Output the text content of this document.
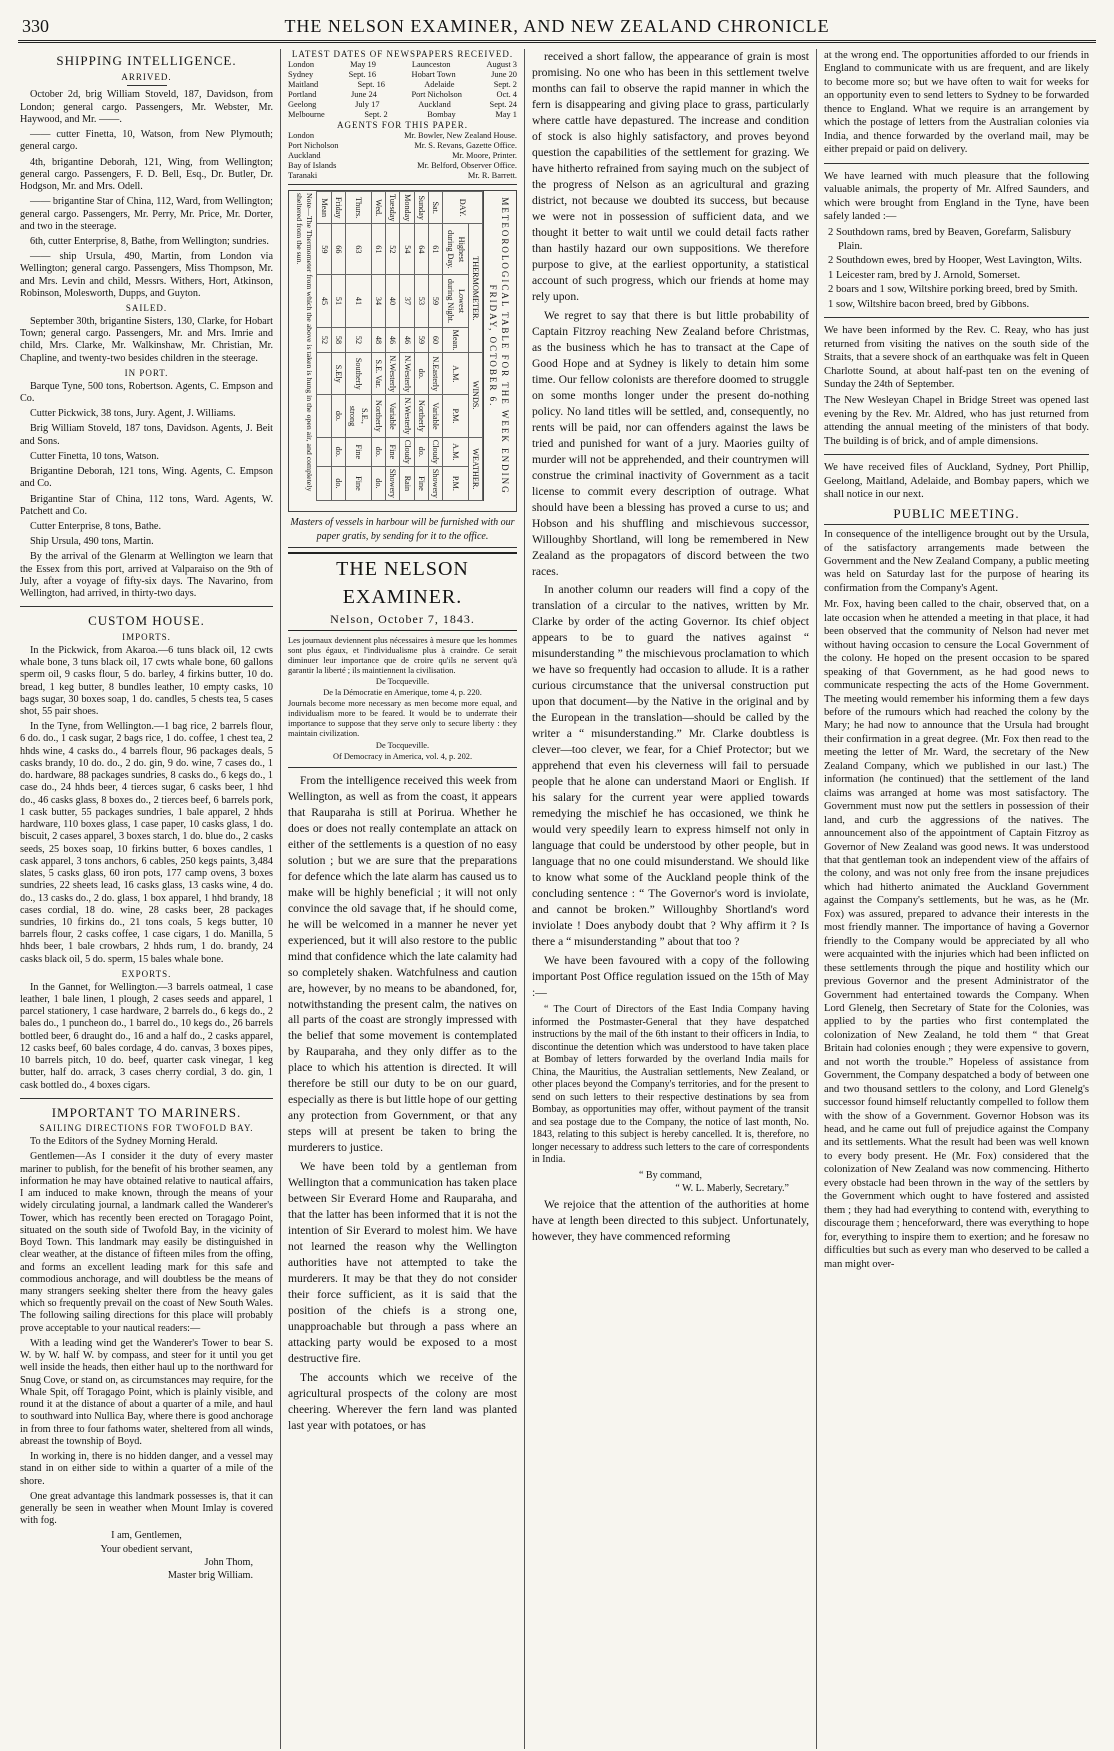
330	THE NELSON EXAMINER, AND NEW ZEALAND CHRONICLE
SHIPPING INTELLIGENCE.
ARRIVED.

October 2d, brig William Stoveld, 187, Davidson, from London; general cargo. Passengers, Mr. Webster, Mr. Haywood, and Mr. ——.

—— cutter Finetta, 10, Watson, from New Plymouth; general cargo.

4th, brigantine Deborah, 121, Wing, from Wellington; general cargo. Passengers, F. D. Bell, Esq., Dr. Butler, Dr. Hodgson, Mr. and Mrs. Odell.

—— brigantine Star of China, 112, Ward, from Wellington; general cargo. Passengers, Mr. Perry, Mr. Price, Mr. Dorter, and two in the steerage.

6th, cutter Enterprise, 8, Bathe, from Wellington; sundries.

—— ship Ursula, 490, Martin, from London via Wellington; general cargo. Passengers, Miss Thompson, Mr. and Mrs. Levin and child, Messrs. Withers, Hort, Atkinson, Robinson, Molesworth, Dupps, and Guyton.

SAILED.

September 30th, brigantine Sisters, 130, Clarke, for Hobart Town; general cargo. Passengers, Mr. and Mrs. Imrie and child, Mrs. Clarke, Mr. Walkinshaw, Mr. Christian, Mr. Chapline, and twenty-two besides children in the steerage.

IN PORT.

Barque Tyne, 500 tons, Robertson. Agents, C. Empson and Co.

Cutter Pickwick, 38 tons, Jury. Agent, J. Williams.

Brig William Stoveld, 187 tons, Davidson. Agents, J. Beit and Sons.

Cutter Finetta, 10 tons, Watson.

Brigantine Deborah, 121 tons, Wing. Agents, C. Empson and Co.

Brigantine Star of China, 112 tons, Ward. Agents, W. Patchett and Co.

Cutter Enterprise, 8 tons, Bathe.

Ship Ursula, 490 tons, Martin.

By the arrival of the Glenarm at Wellington we learn that the Essex from this port, arrived at Valparaiso on the 9th of July, after a voyage of fifty-six days. The Navarino, from Wellington, had arrived, in thirty-two days.

CUSTOM HOUSE.
IMPORTS.

In the Pickwick, from Akaroa.—6 tuns black oil, 12 cwts whale bone, 3 tuns black oil, 17 cwts whale bone, 60 gallons sperm oil, 9 casks flour, 5 do. barley, 4 firkins butter, 10 do. bread, 1 keg butter, 8 bundles leather, 10 empty casks, 10 bags sugar, 30 boxes soap, 1 do. candles, 5 chests tea, 5 cases shot, 55 pair shoes.

In the Tyne, from Wellington.—1 bag rice, 2 barrels flour, 6 do. do., 1 cask sugar, 2 bags rice, 1 do. coffee, 1 chest tea, 2 hhds wine, 4 casks do., 4 barrels flour, 96 packages deals, 5 casks brandy, 10 do. do., 2 do. gin, 9 do. wine, 7 cases do., 1 do. hardware, 88 packages sundries, 8 casks do., 6 kegs do., 1 case do., 24 hhds beer, 4 tierces sugar, 6 casks beer, 1 hhd do., 46 casks glass, 8 boxes do., 2 tierces beef, 6 barrels pork, 1 cask butter, 55 packages sundries, 1 bale apparel, 2 hhds hardware, 110 boxes glass, 1 case paper, 10 casks glass, 1 do. biscuit, 2 cases apparel, 3 boxes starch, 1 do. blue do., 2 casks seeds, 25 boxes soap, 10 firkins butter, 6 boxes candles, 1 cask apparel, 3 tons anchors, 6 cables, 250 kegs paints, 3,484 slates, 5 casks glass, 60 iron pots, 177 camp ovens, 3 boxes sundries, 22 sheets lead, 16 casks glass, 13 casks wine, 4 do. do., 13 casks do., 2 do. glass, 1 box apparel, 1 hhd brandy, 18 cases cordial, 18 do. wine, 28 casks beer, 28 packages sundries, 10 firkins do., 21 tons coals, 5 kegs butter, 10 barrels flour, 2 casks coffee, 1 case cigars, 1 do. Manilla, 5 hhds beer, 1 bale crowbars, 2 hhds rum, 1 do. brandy, 24 casks black oil, 5 do. sperm, 15 bales whale bone.

EXPORTS.

In the Gannet, for Wellington.—3 barrels oatmeal, 1 case leather, 1 bale linen, 1 plough, 2 cases seeds and apparel, 1 parcel stationery, 1 case hardware, 2 barrels do., 6 kegs do., 2 bales do., 1 puncheon do., 1 barrel do., 10 kegs do., 26 barrels bottled beer, 6 draught do., 16 and a half do., 2 casks apparel, 12 casks beef, 60 bales cordage, 4 do. canvas, 3 boxes pipes, 10 barrels pitch, 10 do. beef, quarter cask vinegar, 1 keg butter, half do. arrack, 3 cases cherry cordial, 3 do. gin, 1 cask bottled do., 4 boxes cigars.

IMPORTANT TO MARINERS.
SAILING DIRECTIONS FOR TWOFOLD BAY.

To the Editors of the Sydney Morning Herald.

Gentlemen—As I consider it the duty of every master mariner to publish, for the benefit of his brother seamen, any information he may have obtained relative to nautical affairs, I am induced to make known, through the means of your widely circulating journal, a landmark called the Wanderer's Tower, which has recently been erected on Toragago Point, situated on the south side of Twofold Bay, in the vicinity of Boyd Town. This landmark may easily be distinguished in clear weather, at the distance of fifteen miles from the offing, and forms an excellent leading mark for this safe and commodious anchorage, and will doubtless be the means of many strangers seeking shelter there from the heavy gales which so frequently prevail on the coast of New South Wales. The following sailing directions for this place will probably prove acceptable to your nautical readers:—

With a leading wind get the Wanderer's Tower to bear S. W. by W. half W. by compass, and steer for it until you get well inside the heads, then either haul up to the northward for Snug Cove, or stand on, as circumstances may require, for the Whale Spit, off Toragago Point, which is plainly visible, and round it at the distance of about a quarter of a mile, and haul to southward into Nullica Bay, where there is good anchorage in from three to four fathoms water, sheltered from all winds, abreast the township of Boyd.

In working in, there is no hidden danger, and a vessel may stand in on either side to within a quarter of a mile of the shore.

One great advantage this landmark possesses is, that it can generally be seen in weather when Mount Imlay is covered with fog.

I am, Gentlemen,
Your obedient servant,
John Thom,
Master brig William.
LATEST DATES OF NEWSPAPERS RECEIVED.
London	May 19	Launceston	August 3
Sydney	Sept. 16	Hobart Town	June 20
Maitland	Sept. 16	Adelaide	Sept. 2
Portland	June 24	Port Nicholson	Oct. 4
Geelong	July 17	Auckland	Sept. 24
Melbourne	Sept. 2	Bombay	May 1
AGENTS FOR THIS PAPER.
London	Mr. Bowler, New Zealand House.
Port Nicholson	Mr. S. Revans, Gazette Office.
Auckland	Mr. Moore, Printer.
Bay of Islands	Mr. Belford, Observer Office.
Taranaki	Mr. R. Barrett.
METEOROLOGICAL TABLE FOR THE WEEK ENDING FRIDAY, OCTOBER 6.
DAY.	THERMOMETER.			WINDS.		WEATHER.	
	Highest during Day.	Lowest during Night.	Mean.	A.M.	P.M.	A.M.	P.M.
Sat.	61	59	60	N.Easterly	Variable	Cloudy	Showery
Sunday	64	53	59	do.	Northerly	do.	Fine
Monday	54	37	46	N.Westerly	N.Westerly	Cloudy	Rain
Tuesday	52	40	46	N.Westerly	Variable	Fine	Showery
Wed.	61	34	48	S.E. Var.	Northerly	do.	do.
Thurs.	63	41	52	Southerly	S.E., strong	Fine	Fine
Friday	66	51	58	S.Ely	do.	do.	do.
Mean	59	45	52				
Note—The Thermometer from which the above is taken is hung in the open air, and completely sheltered from the sun.
Masters of vessels in harbour will be furnished with our paper gratis, by sending for it to the office.
THE NELSON EXAMINER.
Nelson, October 7, 1843.
Les journaux deviennent plus nécessaires à mesure que les hommes sont plus égaux, et l'individualisme plus à craindre. Ce serait diminuer leur importance que de croire qu'ils ne servent qu'à garantir la liberté ; ils maintiennent la civilisation.
De Tocqueville.
De la Démocratie en Amerique, tome 4, p. 220.
Journals become more necessary as men become more equal, and individualism more to be feared. It would be to underrate their importance to suppose that they serve only to secure liberty : they maintain civilization.
De Tocqueville.
Of Democracy in America, vol. 4, p. 202.

From the intelligence received this week from Wellington, as well as from the coast, it appears that Rauparaha is still at Porirua. Whether he does or does not really contemplate an attack on either of the settlements is a question of no easy solution ; but we are sure that the preparations for defence which the late alarm has caused us to make will be highly beneficial ; it will not only convince the old savage that, if he should come, he will be welcomed in a manner he never yet experienced, but it will also restore to the public mind that confidence which the late calamity had so completely shaken. Watchfulness and caution are, however, by no means to be abandoned, for, notwithstanding the present calm, the natives on all parts of the coast are strongly impressed with the belief that some movement is contemplated by Rauparaha, and they only differ as to the place to which his attention is directed. It will therefore be still our duty to be on our guard, especially as there is but little hope of our getting any protection from Government, or that any steps will at present be taken to bring the murderers to justice.

We have been told by a gentleman from Wellington that a communication has taken place between Sir Everard Home and Rauparaha, and that the latter has been informed that it is not the intention of Sir Everard to molest him. We have not learned the reason why the Wellington authorities have not attempted to take the murderers. It may be that they do not consider their force sufficient, as it is said that the position of the chiefs is a strong one, unapproachable but through a pass where an attacking party would be exposed to a most destructive fire.

The accounts which we receive of the agricultural prospects of the colony are most cheering. Wherever the fern land was planted last year with potatoes, or has

received a short fallow, the appearance of grain is most promising. No one who has been in this settlement twelve months can fail to observe the rapid manner in which the fern is disappearing and giving place to grass, particularly where cattle have depastured. The increase and condition of stock is also highly satisfactory, and proves beyond question the capabilities of the settlement for grazing. We have hitherto refrained from saying much on the subject of the progress of Nelson as an agricultural and grazing district, not because we doubted its success, but because we were not in possession of sufficient data, and we thought it better to wait until we could detail facts rather than hastily hazard our own suppositions. We therefore purpose to give, at the earliest opportunity, a statistical account of such progress, which our friends at home may rely upon.

We regret to say that there is but little probability of Captain Fitzroy reaching New Zealand before Christmas, as the business which he has to transact at the Cape of Good Hope and at Sydney is likely to detain him some time. Our fellow colonists are therefore doomed to struggle on some months longer under the present do-nothing policy. No land titles will be settled, and, consequently, no rents will be paid, nor can offenders against the laws be tried and punished for want of a jury. Maories guilty of murder will not be apprehended, and their countrymen will construe the criminal inactivity of Government as a tacit license to commit every description of outrage. What should have been a blessing has proved a curse to us; and Hobson and his shuffling and mischievous successor, Willoughby Shortland, will long be remembered in New Zealand as the propagators of discord between the two races.

In another column our readers will find a copy of the translation of a circular to the natives, written by Mr. Clarke by order of the acting Governor. Its chief object appears to be to guard the natives against “ misunderstanding ” the mischievous proclamation to which we have so frequently had occasion to allude. It is a rather curious circumstance that the universal construction put upon that document—by the Native in the original and by the European in the translation—should be called by the writer a “ misunderstanding.” Mr. Clarke doubtless is clever—too clever, we fear, for a Chief Protector; but we apprehend that even his cleverness will fail to persuade people that he alone can understand Maori or English. If his salary for the current year were applied towards remedying the mischief he has occasioned, we think he would very speedily learn to express himself not only in language that could be understood by other people, but in language that no one could misunderstand. We should like to know what some of the Auckland people think of the concluding sentence : “ The Governor's word is inviolate, and cannot be broken.” Willoughby Shortland's word inviolate ! Does anybody doubt that ? Why affirm it ? Is there a “ misunderstanding ” about that too ?

We have been favoured with a copy of the following important Post Office regulation issued on the 15th of May :—

“ The Court of Directors of the East India Company having informed the Postmaster-General that they have despatched instructions by the mail of the 6th instant to their officers in India, to discontinue the detention which was understood to have taken place at Bombay of letters forwarded by the overland India mails for China, the Mauritius, the Australian settlements, New Zealand, or other places beyond the Company's territories, and for the present to send on such letters to their respective destinations by sea from Bombay, as opportunities may offer, without payment of the transit and sea postage due to the Company, the notice of last month, No. 1843, relating to this subject is hereby cancelled. It is, therefore, no longer necessary to address such letters to the care of correspondents in India.

“ By command,
“ W. L. Maberly, Secretary.”

We rejoice that the attention of the authorities at home have at length been directed to this subject. Unfortunately, however, they have commenced reforming

at the wrong end. The opportunities afforded to our friends in England to communicate with us are frequent, and are likely to become more so; but we have often to wait for weeks for an opportunity even to send letters to Sydney to be forwarded thence to England. What we require is an arrangement by which the postage of letters from the Australian colonies via India, and thence forwarded by the overland mail, may be either prepaid or paid on delivery.

We have learned with much pleasure that the following valuable animals, the property of Mr. Alfred Saunders, and which were brought from England in the Tyne, have been safely landed :—

2 Southdown rams, bred by Beaven, Gorefarm, Salisbury Plain.
2 Southdown ewes, bred by Hooper, West Lavington, Wilts.
1 Leicester ram, bred by J. Arnold, Somerset.
2 boars and 1 sow, Wiltshire porking breed, bred by Smith.
1 sow, Wiltshire bacon breed, bred by Gibbons.

We have been informed by the Rev. C. Reay, who has just returned from visiting the natives on the south side of the Straits, that a severe shock of an earthquake was felt in Queen Charlotte Sound, at about half-past ten on the evening of Sunday the 24th of September.

The New Wesleyan Chapel in Bridge Street was opened last evening by the Rev. Mr. Aldred, who has just returned from attending the annual meeting of the ministers of that body. The building is of brick, and of ample dimensions.

We have received files of Auckland, Sydney, Port Phillip, Geelong, Maitland, Adelaide, and Bombay papers, which we shall notice in our next.

PUBLIC MEETING.

In consequence of the intelligence brought out by the Ursula, of the satisfactory arrangements made between the Government and the New Zealand Company, a public meeting was held on Saturday last for the purpose of hearing its confirmation from the Company's Agent.

Mr. Fox, having been called to the chair, observed that, on a late occasion when he attended a meeting in that place, it had been observed that the community of Nelson had never met without having occasion to censure the Local Government of the colony. He hoped on the present occasion to be spared speaking of that Government, as he had good news to communicate respecting the acts of the Home Government. The meeting would remember his informing them a few days before of the rumours which had reached the colony by the Mary; he had now to announce that the Ursula had brought their confirmation in a great degree. (Mr. Fox then read to the meeting the letter of Mr. Ward, the secretary of the New Zealand Company, which we published in our last.) The information (he continued) that the settlement of the land claims was arranged at home was most satisfactory. The Government must now put the settlers in possession of their land, and curb the aggressions of the natives. The announcement also of the appointment of Captain Fitzroy as Governor of New Zealand was good news. It was understood that that gentleman took an independent view of the affairs of the colony, and was not only free from the insane prejudices which had hitherto animated the Auckland Government against the Company's settlements, but he was, as he (Mr. Fox) was assured, prepared to advance their interests in the most friendly manner. The importance of having a Governor friendly to the Company would be appreciated by all who were acquainted with the injuries which had been inflicted on these settlements through the pique and hostility which our previous Governor and the present Administrator of the Government had entertained towards the Company. When Lord Glenelg, then Secretary of State for the Colonies, was applied to by the parties who first contemplated the colonization of New Zealand, he told them “ that Great Britain had colonies enough ; they were expensive to govern, and not worth the trouble.” Hopeless of assistance from Government, the Company despatched a body of between one and two thousand settlers to the colony, and Lord Glenelg's successor found himself reluctantly compelled to follow them with the show of a Government. Governor Hobson was its head, and he came out full of prejudice against the Company and its settlements. What the result had been was well known to every body present. He (Mr. Fox) considered that the colonization of New Zealand was now commencing. Hitherto every obstacle had been thrown in the way of the settlers by the Government which ought to have fostered and assisted them ; they had had everything to contend with, everything to discourage them ; henceforward, there was everything to hope for, everything to inspire them to exertion; and he foresaw no difficulties but such as every man who deserved to be called a man might over-
